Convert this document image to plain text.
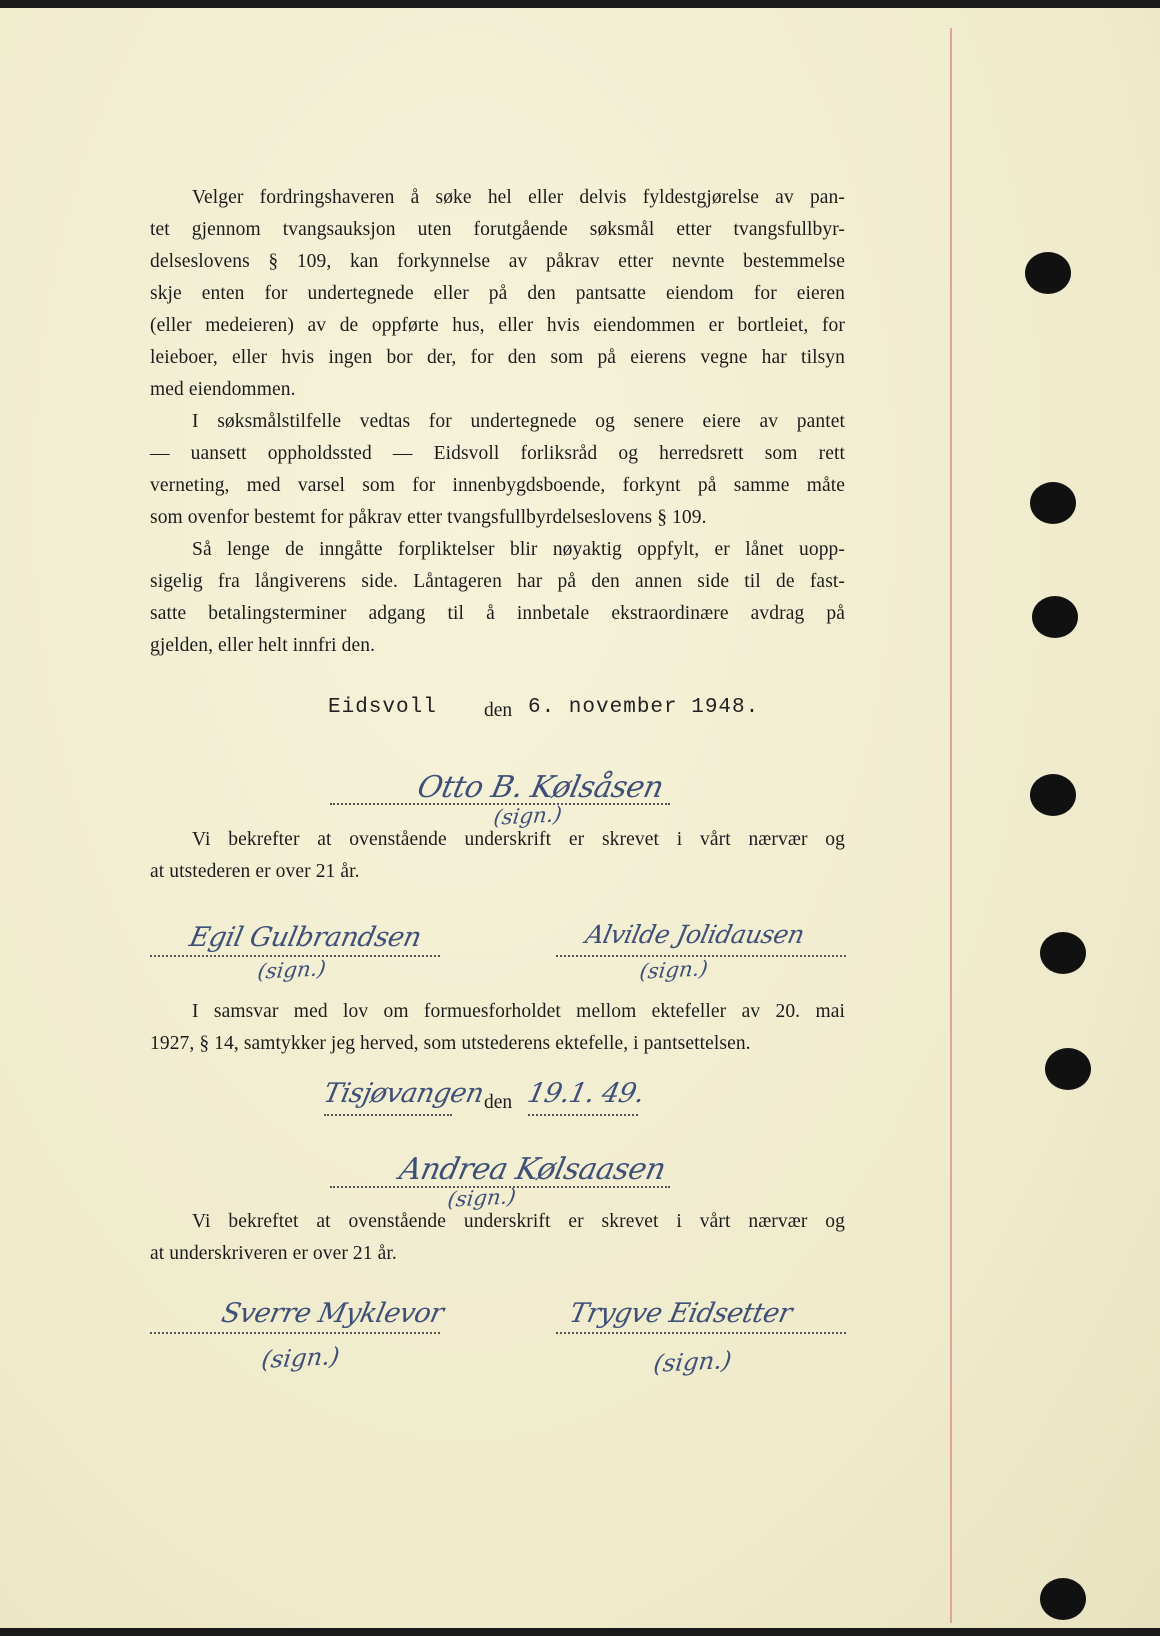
Velger fordringshaveren å søke hel eller delvis fyldestgjørelse av pan-
tet gjennom tvangsauksjon uten forutgående søksmål etter tvangsfullbyr-
delseslovens § 109, kan forkynnelse av påkrav etter nevnte bestemmelse
skje enten for undertegnede eller på den pantsatte eiendom for eieren
(eller medeieren) av de oppførte hus, eller hvis eiendommen er bortleiet, for
leieboer, eller hvis ingen bor der, for den som på eierens vegne har tilsyn
med eiendommen.
I søksmålstilfelle vedtas for undertegnede og senere eiere av pantet
— uansett oppholdssted — Eidsvoll forliksråd og herredsrett som rett
verneting, med varsel som for innenbygdsboende, forkynt på samme måte
som ovenfor bestemt for påkrav etter tvangsfullbyrdelseslovens § 109.
Så lenge de inngåtte forpliktelser blir nøyaktig oppfylt, er lånet uopp-
sigelig fra långiverens side. Låntageren har på den annen side til de fast-
satte betalingsterminer adgang til å innbetale ekstraordinære avdrag på
gjelden, eller helt innfri den.
Eidsvoll den 6. november 1948.
Otto B. Kølsåsen
(sign.)
Vi bekrefter at ovenstående underskrift er skrevet i vårt nærvær og
at utstederen er over 21 år.
Egil Gulbrandsen
(sign.)
Alvilde Jolidausen
(sign.)
I samsvar med lov om formuesforholdet mellom ektefeller av 20. mai
1927, § 14, samtykker jeg herved, som utstederens ektefelle, i pantsettelsen.
Tisjøvangen
den 19.1. 49.
Andrea Kølsaasen
(sign.)
Vi bekreftet at ovenstående underskrift er skrevet i vårt nærvær og
at underskriveren er over 21 år.
Sverre Myklevor
(sign.)
Trygve Eidsetter
(sign.)
